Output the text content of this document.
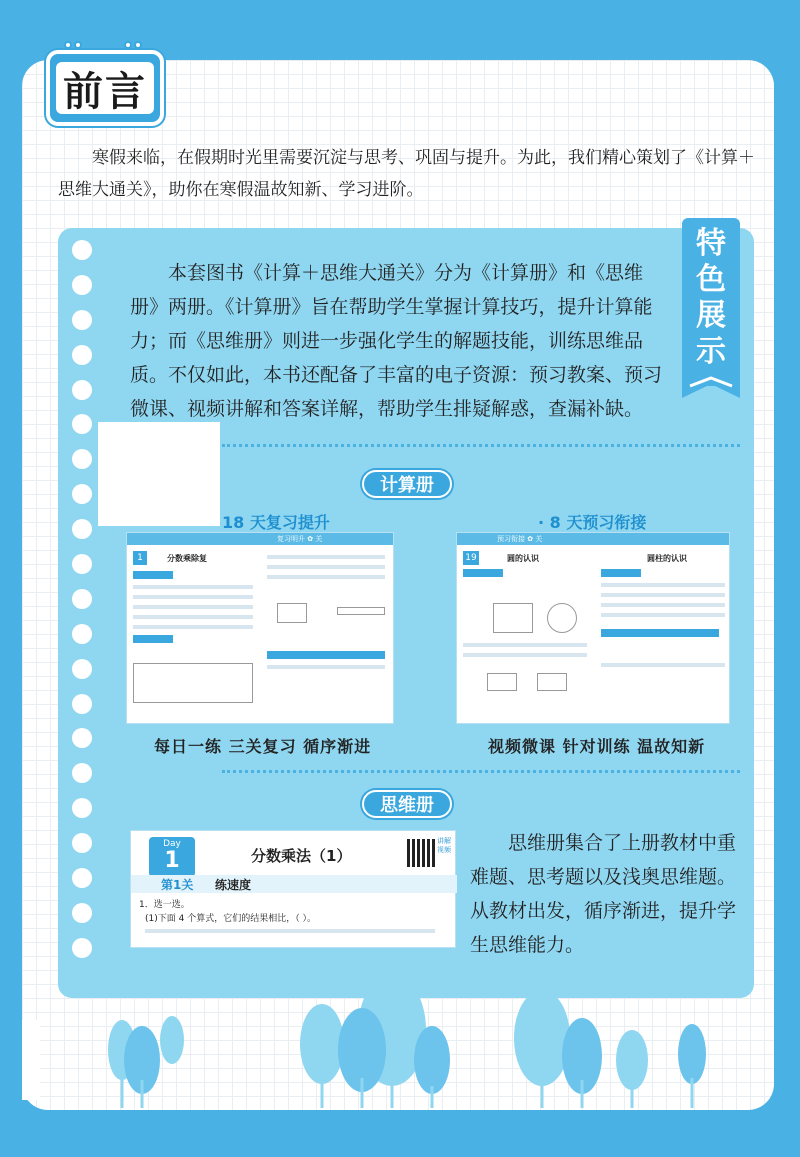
前言

寒假来临，在假期时光里需要沉淀与思考、巩固与提升。为此，我们精心策划了《计算＋思维大通关》，助你在寒假温故知新、学习进阶。

特色展示

本套图书《计算＋思维大通关》分为《计算册》和《思维册》两册。《计算册》旨在帮助学生掌握计算技巧，提升计算能力；而《思维册》则进一步强化学生的解题技能，训练思维品质。不仅如此，本书还配备了丰富的电子资源：预习教案、预习微课、视频讲解和答案详解，帮助学生排疑解惑，查漏补缺。

计算册
18 天复习提升	· 8 天预习衔接
1	分数乘除复
复习明升 ✿ 关
19	圆的认识	圆柱的认识
预习衔接 ✿ 关
每日一练 三关复习 循序渐进	视频微课 针对训练 温故知新
思维册
Day
1	分数乘法（1）
讲解视频
第1关 练速度
1．选一选。
(1)下面 4 个算式，它们的结果相比，（ ）。

思维册集合了上册教材中重难题、思考题以及浅奥思维题。从教材出发，循序渐进，提升学生思维能力。
